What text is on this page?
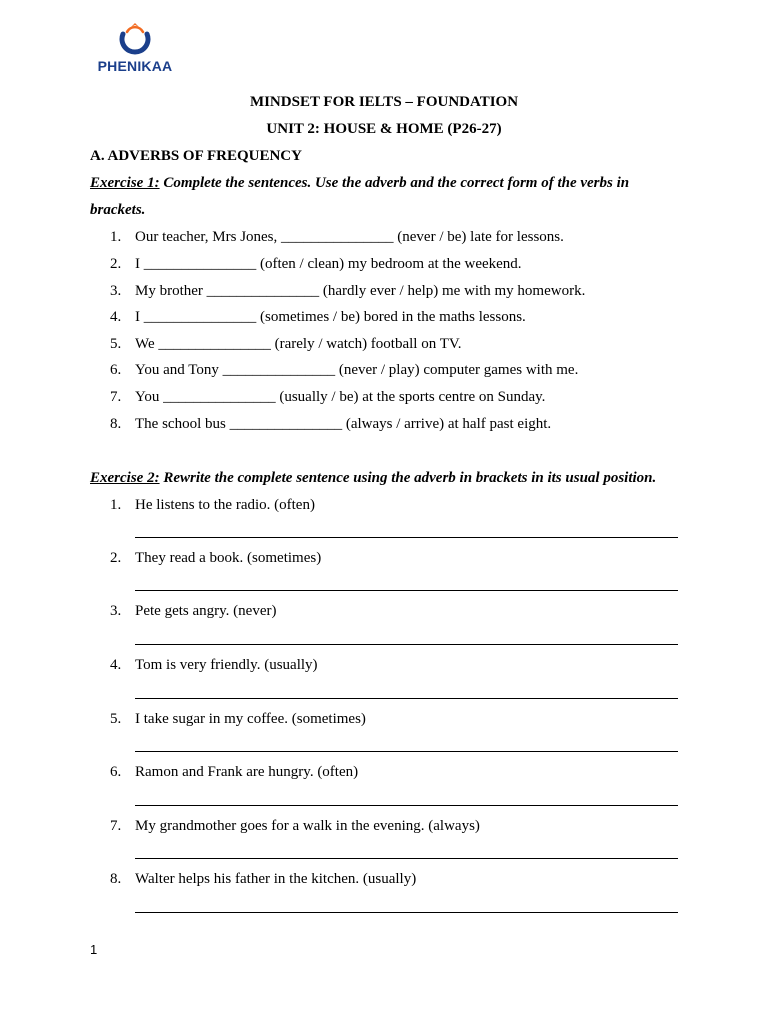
PHENIKAA
MINDSET FOR IELTS – FOUNDATION
UNIT 2: HOUSE & HOME (P26-27)
A. ADVERBS OF FREQUENCY
Exercise 1: Complete the sentences. Use the adverb and the correct form of the verbs in brackets.
1. Our teacher, Mrs Jones, _______________ (never / be) late for lessons.
2. I _______________ (often / clean) my bedroom at the weekend.
3. My brother _______________ (hardly ever / help) me with my homework.
4. I _______________ (sometimes / be) bored in the maths lessons.
5. We _______________ (rarely / watch) football on TV.
6. You and Tony _______________ (never / play) computer games with me.
7. You _______________ (usually / be) at the sports centre on Sunday.
8. The school bus _______________ (always / arrive) at half past eight.
Exercise 2: Rewrite the complete sentence using the adverb in brackets in its usual position.
1. He listens to the radio. (often)
2. They read a book. (sometimes)
3. Pete gets angry. (never)
4. Tom is very friendly. (usually)
5. I take sugar in my coffee. (sometimes)
6. Ramon and Frank are hungry. (often)
7. My grandmother goes for a walk in the evening. (always)
8. Walter helps his father in the kitchen. (usually)
1
